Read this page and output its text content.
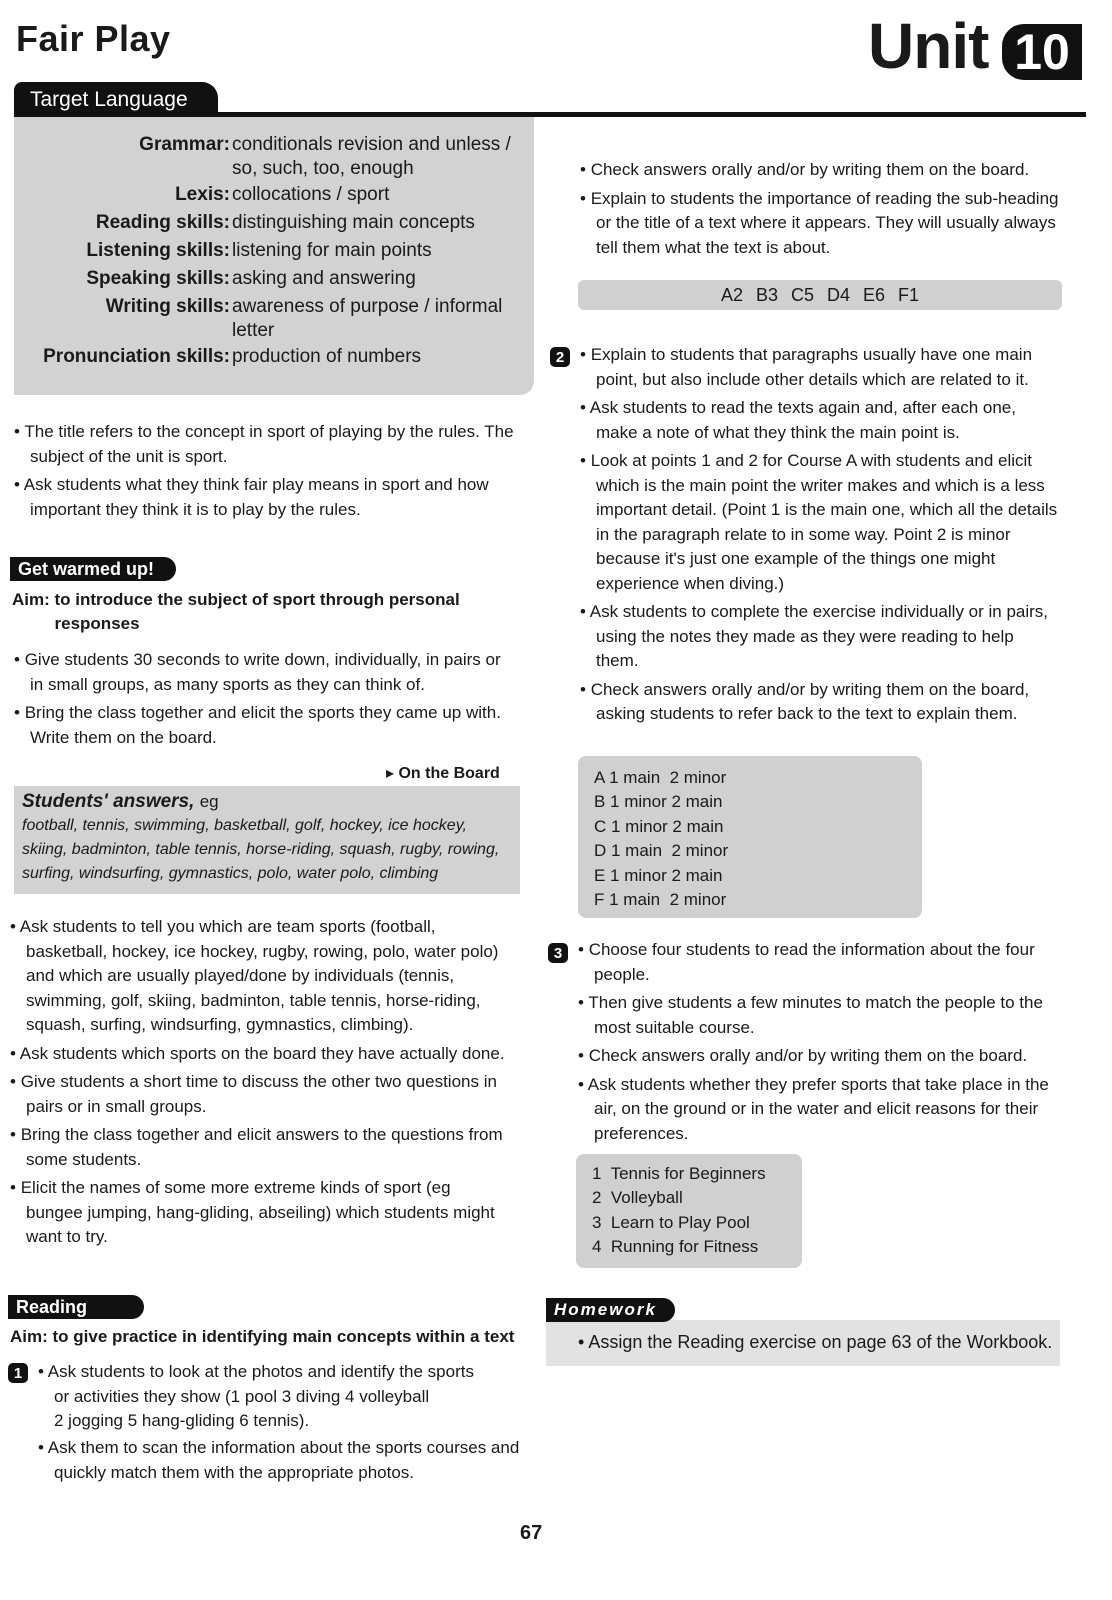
Fair Play	Unit 10
Target Language
Grammar: conditionals revision and unless / so, such, too, enough
Lexis: collocations / sport
Reading skills: distinguishing main concepts
Listening skills: listening for main points
Speaking skills: asking and answering
Writing skills: awareness of purpose / informal letter
Pronunciation skills: production of numbers

• The title refers to the concept in sport of playing by the rules. The subject of the unit is sport.

• Ask students what they think fair play means in sport and how important they think it is to play by the rules.

Get warmed up!
Aim: to introduce the subject of sport through personal responses

• Give students 30 seconds to write down, individually, in pairs or in small groups, as many sports as they can think of.

• Bring the class together and elicit the sports they came up with. Write them on the board.

▸ On the Board
Students' answers, eg
football, tennis, swimming, basketball, golf, hockey, ice hockey, skiing, badminton, table tennis, horse-riding, squash, rugby, rowing, surfing, windsurfing, gymnastics, polo, water polo, climbing

• Ask students to tell you which are team sports (football, basketball, hockey, ice hockey, rugby, rowing, polo, water polo) and which are usually played/done by individuals (tennis, swimming, golf, skiing, badminton, table tennis, horse-riding, squash, surfing, windsurfing, gymnastics, climbing).

• Ask students which sports on the board they have actually done.

• Give students a short time to discuss the other two questions in pairs or in small groups.

• Bring the class together and elicit answers to the questions from some students.

• Elicit the names of some more extreme kinds of sport (eg bungee jumping, hang-gliding, abseiling) which students might want to try.

Reading
Aim: to give practice in identifying main concepts within a text
1 • Ask students to look at the photos and identify the sports
or activities they show (1 pool 3 diving 4 volleyball
2 jogging 5 hang-gliding 6 tennis).

• Ask them to scan the information about the sports courses and quickly match them with the appropriate photos.

• Check answers orally and/or by writing them on the board.

• Explain to students the importance of reading the sub-heading or the title of a text where it appears. They will usually always tell them what the text is about.

A2 B3 C5 D4 E6 F1
2	• Explain to students that paragraphs usually have one main point, but also include other details which are related to it.

• Ask students to read the texts again and, after each one, make a note of what they think the main point is.

• Look at points 1 and 2 for Course A with students and elicit which is the main point the writer makes and which is a less important detail. (Point 1 is the main one, which all the details in the paragraph relate to in some way. Point 2 is minor because it's just one example of the things one might experience when diving.)

• Ask students to complete the exercise individually or in pairs, using the notes they made as they were reading to help them.

• Check answers orally and/or by writing them on the board, asking students to refer back to the text to explain them.

A 1 main  2 minor
B 1 minor 2 main
C 1 minor 2 main
D 1 main  2 minor
E 1 minor 2 main
F 1 main  2 minor
3	• Choose four students to read the information about the four people.

• Then give students a few minutes to match the people to the most suitable course.

• Check answers orally and/or by writing them on the board.

• Ask students whether they prefer sports that take place in the air, on the ground or in the water and elicit reasons for their preferences.

1  Tennis for Beginners
2  Volleyball
3  Learn to Play Pool
4  Running for Fitness
Homework
• Assign the Reading exercise on page 63 of the Workbook.
67
